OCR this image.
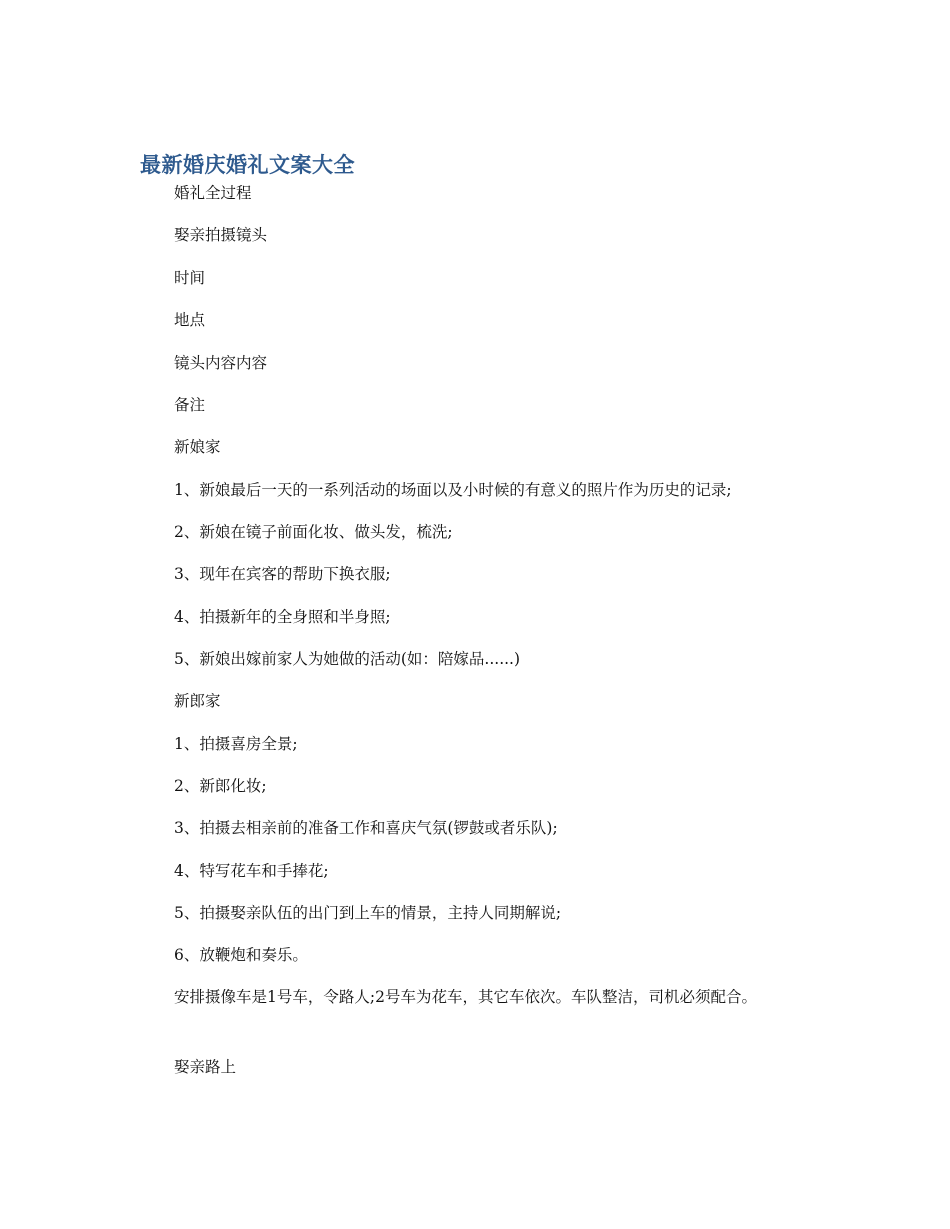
最新婚庆婚礼文案大全
婚礼全过程
娶亲拍摄镜头
时间
地点
镜头内容内容
备注
新娘家
1、新娘最后一天的一系列活动的场面以及小时候的有意义的照片作为历史的记录;
2、新娘在镜子前面化妆、做头发，梳洗;
3、现年在宾客的帮助下换衣服;
4、拍摄新年的全身照和半身照;
5、新娘出嫁前家人为她做的活动(如：陪嫁品......)
新郎家
1、拍摄喜房全景;
2、新郎化妆;
3、拍摄去相亲前的准备工作和喜庆气氛(锣鼓或者乐队);
4、特写花车和手捧花;
5、拍摄娶亲队伍的出门到上车的情景，主持人同期解说;
6、放鞭炮和奏乐。
安排摄像车是1号车，令路人;2号车为花车，其它车依次。车队整洁，司机必须配合。
娶亲路上
